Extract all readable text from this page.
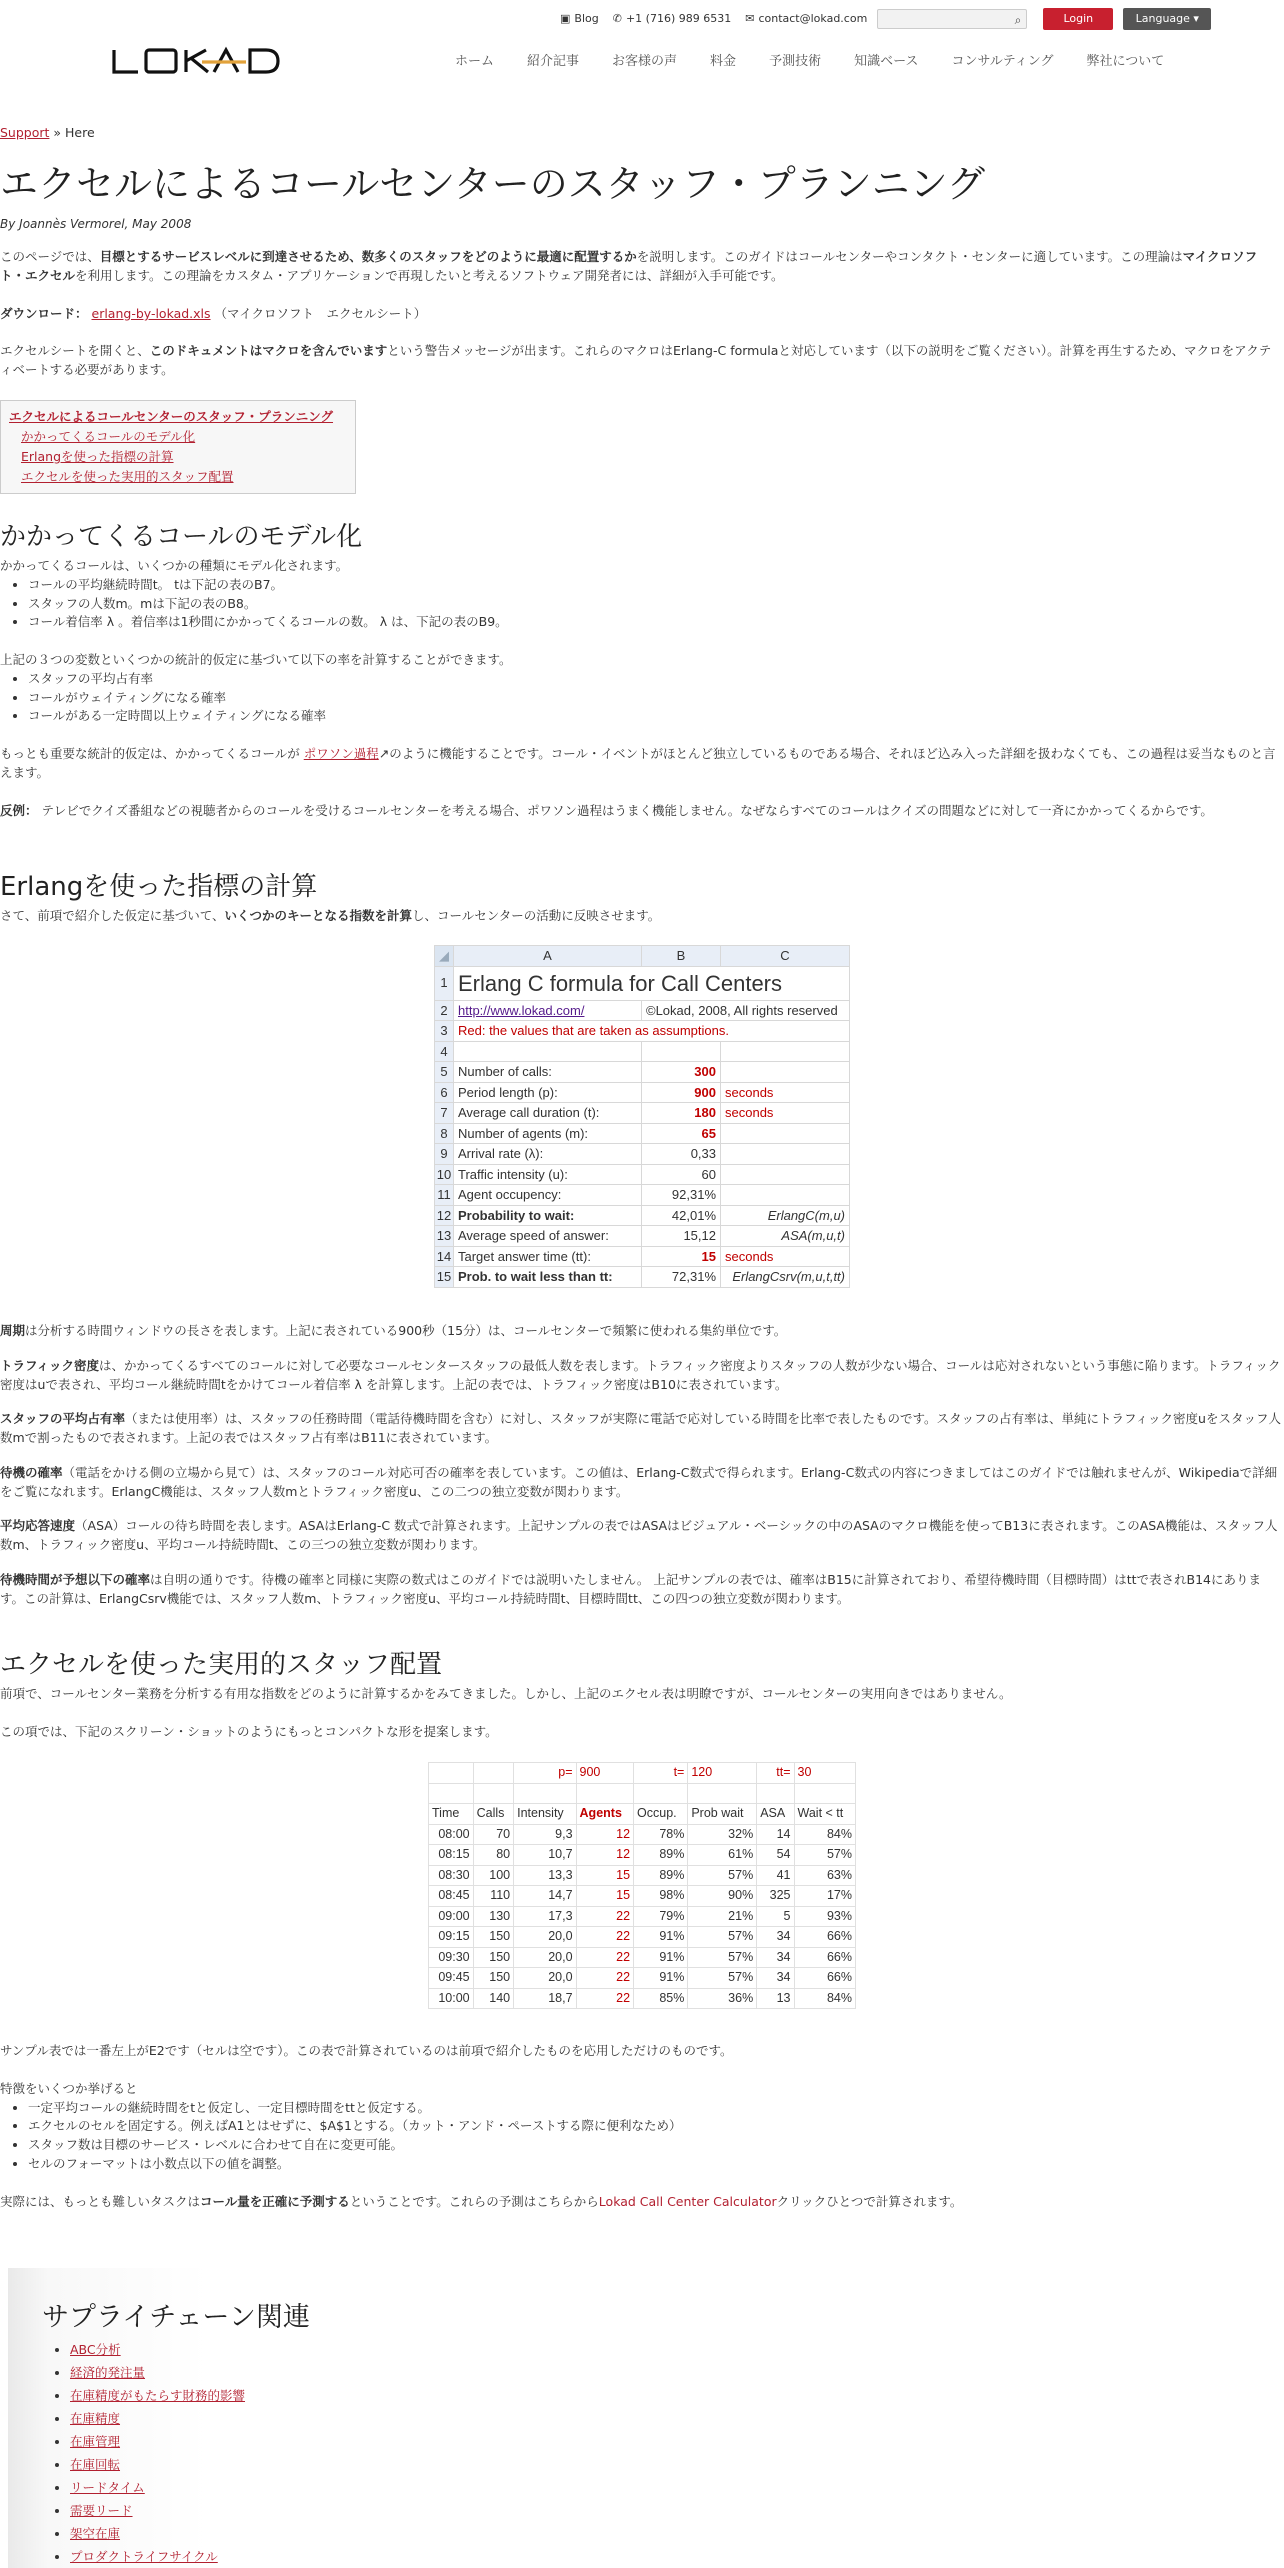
▣ Blog ✆ +1 (716) 989 6531 ✉ contact@lokad.com	⌕	Login	Language ▾
ホーム	紹介記事	お客様の声	料金	予測技術	知識ベース	コンサルティング	弊社について
Support » Here
エクセルによるコールセンターのスタッフ・プランニング
By Joannès Vermorel, May 2008

このページでは、目標とするサービスレベルに到達させるため、数多くのスタッフをどのように最適に配置するかを説明します。このガイドはコールセンターやコンタクト・センターに適しています。この理論はマイクロソフト・エクセルを利用します。この理論をカスタム・アプリケーションで再現したいと考えるソフトウェア開発者には、詳細が入手可能です。

ダウンロード： erlang-by-lokad.xls （マイクロソフト　エクセルシート）

エクセルシートを開くと、このドキュメントはマクロを含んでいますという警告メッセージが出ます。これらのマクロはErlang-C formulaと対応しています（以下の説明をご覧ください）。計算を再生するため、マクロをアクティベートする必要があります。

エクセルによるコールセンターのスタッフ・プランニング
かかってくるコールのモデル化
Erlangを使った指標の計算
エクセルを使った実用的スタッフ配置
かかってくるコールのモデル化

かかってくるコールは、いくつかの種類にモデル化されます。

• コールの平均継続時間t。 tは下記の表のB7。
• スタッフの人数m。mは下記の表のB8。
• コール着信率 λ 。着信率は1秒間にかかってくるコールの数。 λ は、下記の表のB9。

上記の３つの変数といくつかの統計的仮定に基づいて以下の率を計算することができます。

• スタッフの平均占有率
• コールがウェイティングになる確率
• コールがある一定時間以上ウェイティングになる確率

もっとも重要な統計的仮定は、かかってくるコールが ポワソン過程↗のように機能することです。コール・イベントがほとんど独立しているものである場合、それほど込み入った詳細を扱わなくても、この過程は妥当なものと言えます。

反例： テレビでクイズ番組などの視聴者からのコールを受けるコールセンターを考える場合、ポワソン過程はうまく機能しません。なぜならすべてのコールはクイズの問題などに対して一斉にかかってくるからです。

Erlangを使った指標の計算

さて、前項で紹介した仮定に基づいて、いくつかのキーとなる指数を計算し、コールセンターの活動に反映させます。

◢	A	B	C
1	Erlang C formula for Call Centers		
2	http://www.lokad.com/	©Lokad, 2008, All rights reserved	
3	Red: the values that are taken as assumptions.		
4			
5	Number of calls:	300	
6	Period length (p):	900	seconds
7	Average call duration (t):	180	seconds
8	Number of agents (m):	65	
9	Arrival rate (λ):	0,33	
10	Traffic intensity (u):	60	
11	Agent occupency:	92,31%	
12	Probability to wait:	42,01%	ErlangC(m,u)
13	Average speed of answer:	15,12	ASA(m,u,t)
14	Target answer time (tt):	15	seconds
15	Prob. to wait less than tt:	72,31%	ErlangCsrv(m,u,t,tt)

周期は分析する時間ウィンドウの長さを表します。上記に表されている900秒（15分）は、コールセンターで頻繁に使われる集約単位です。

トラフィック密度は、かかってくるすべてのコールに対して必要なコールセンタースタッフの最低人数を表します。トラフィック密度よりスタッフの人数が少ない場合、コールは応対されないという事態に陥ります。トラフィック密度はuで表され、平均コール継続時間tをかけてコール着信率 λ を計算します。上記の表では、トラフィック密度はB10に表されています。

スタッフの平均占有率（または使用率）は、スタッフの任務時間（電話待機時間を含む）に対し、スタッフが実際に電話で応対している時間を比率で表したものです。スタッフの占有率は、単純にトラフィック密度uをスタッフ人数mで割ったもので表されます。上記の表ではスタッフ占有率はB11に表されています。

待機の確率（電話をかける側の立場から見て）は、スタッフのコール対応可否の確率を表しています。この値は、Erlang-C数式で得られます。Erlang-C数式の内容につきましてはこのガイドでは触れませんが、Wikipediaで詳細をご覧になれます。ErlangC機能は、スタッフ人数mとトラフィック密度u、この二つの独立変数が関わります。

平均応答速度（ASA）コールの待ち時間を表します。ASAはErlang-C 数式で計算されます。上記サンプルの表ではASAはビジュアル・ベーシックの中のASAのマクロ機能を使ってB13に表されます。このASA機能は、スタッフ人数m、トラフィック密度u、平均コール持続時間t、この三つの独立変数が関わります。

待機時間が予想以下の確率は自明の通りです。待機の確率と同様に実際の数式はこのガイドでは説明いたしません。 上記サンプルの表では、確率はB15に計算されており、希望待機時間（目標時間）はttで表されB14にあります。この計算は、ErlangCsrv機能では、スタッフ人数m、トラフィック密度u、平均コール持続時間t、目標時間tt、この四つの独立変数が関わります。

エクセルを使った実用的スタッフ配置

前項で、コールセンター業務を分析する有用な指数をどのように計算するかをみてきました。しかし、上記のエクセル表は明瞭ですが、コールセンターの実用向きではありません。

この項では、下記のスクリーン・ショットのようにもっとコンパクトな形を提案します。

		p=	900	t=	120	tt=	30

Time	Calls	Intensity	Agents	Occup.	Prob wait	ASA	Wait < tt
08:00	70	9,3	12	78%	32%	14	84%
08:15	80	10,7	12	89%	61%	54	57%
08:30	100	13,3	15	89%	57%	41	63%
08:45	110	14,7	15	98%	90%	325	17%
09:00	130	17,3	22	79%	21%	5	93%
09:15	150	20,0	22	91%	57%	34	66%
09:30	150	20,0	22	91%	57%	34	66%
09:45	150	20,0	22	91%	57%	34	66%
10:00	140	18,7	22	85%	36%	13	84%

サンプル表では一番左上がE2です（セルは空です）。この表で計算されているのは前項で紹介したものを応用しただけのものです。

特徴をいくつか挙げると

• 一定平均コールの継続時間をtと仮定し、一定目標時間をttと仮定する。
• エクセルのセルを固定する。例えばA1とはせずに、$A$1とする。（カット・アンド・ペーストする際に便利なため）
• スタッフ数は目標のサービス・レベルに合わせて自在に変更可能。
• セルのフォーマットは小数点以下の値を調整。

実際には、もっとも難しいタスクはコール量を正確に予測するということです。これらの予測はこちらからLokad Call Center Calculatorクリックひとつで計算されます。

サプライチェーン関連
• ABC分析
• 経済的発注量
• 在庫精度がもたらす財務的影響
• 在庫精度
• 在庫管理
• 在庫回転
• リードタイム
• 需要リード
• 架空在庫
• プロダクトライフサイクル
